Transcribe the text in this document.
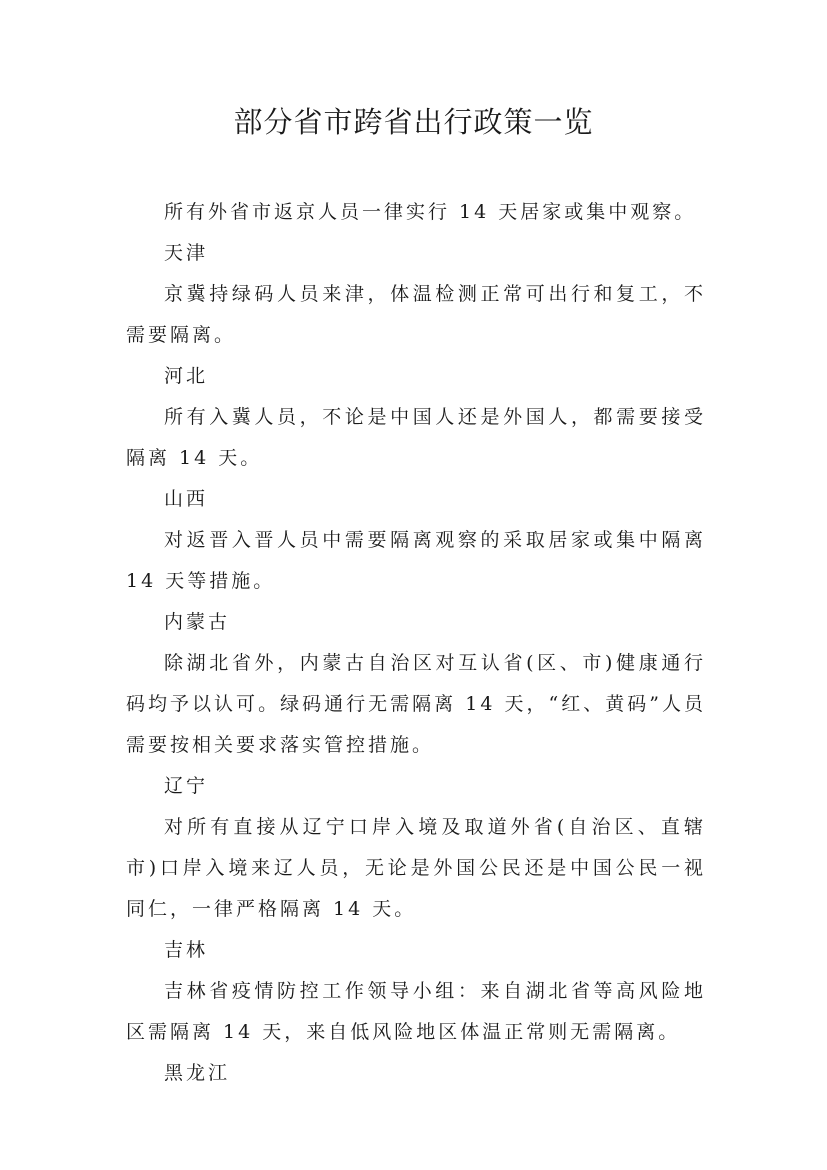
部分省市跨省出行政策一览

所有外省市返京人员一律实行 14 天居家或集中观察。

天津

京冀持绿码人员来津，体温检测正常可出行和复工，不需要隔离。

河北

所有入冀人员，不论是中国人还是外国人，都需要接受隔离 14 天。

山西

对返晋入晋人员中需要隔离观察的采取居家或集中隔离 14 天等措施。

内蒙古

除湖北省外，内蒙古自治区对互认省(区、市)健康通行码均予以认可。绿码通行无需隔离 14 天，“红、黄码”人员需要按相关要求落实管控措施。

辽宁

对所有直接从辽宁口岸入境及取道外省(自治区、直辖市)口岸入境来辽人员，无论是外国公民还是中国公民一视同仁，一律严格隔离 14 天。

吉林

吉林省疫情防控工作领导小组：来自湖北省等高风险地区需隔离 14 天，来自低风险地区体温正常则无需隔离。

黑龙江
